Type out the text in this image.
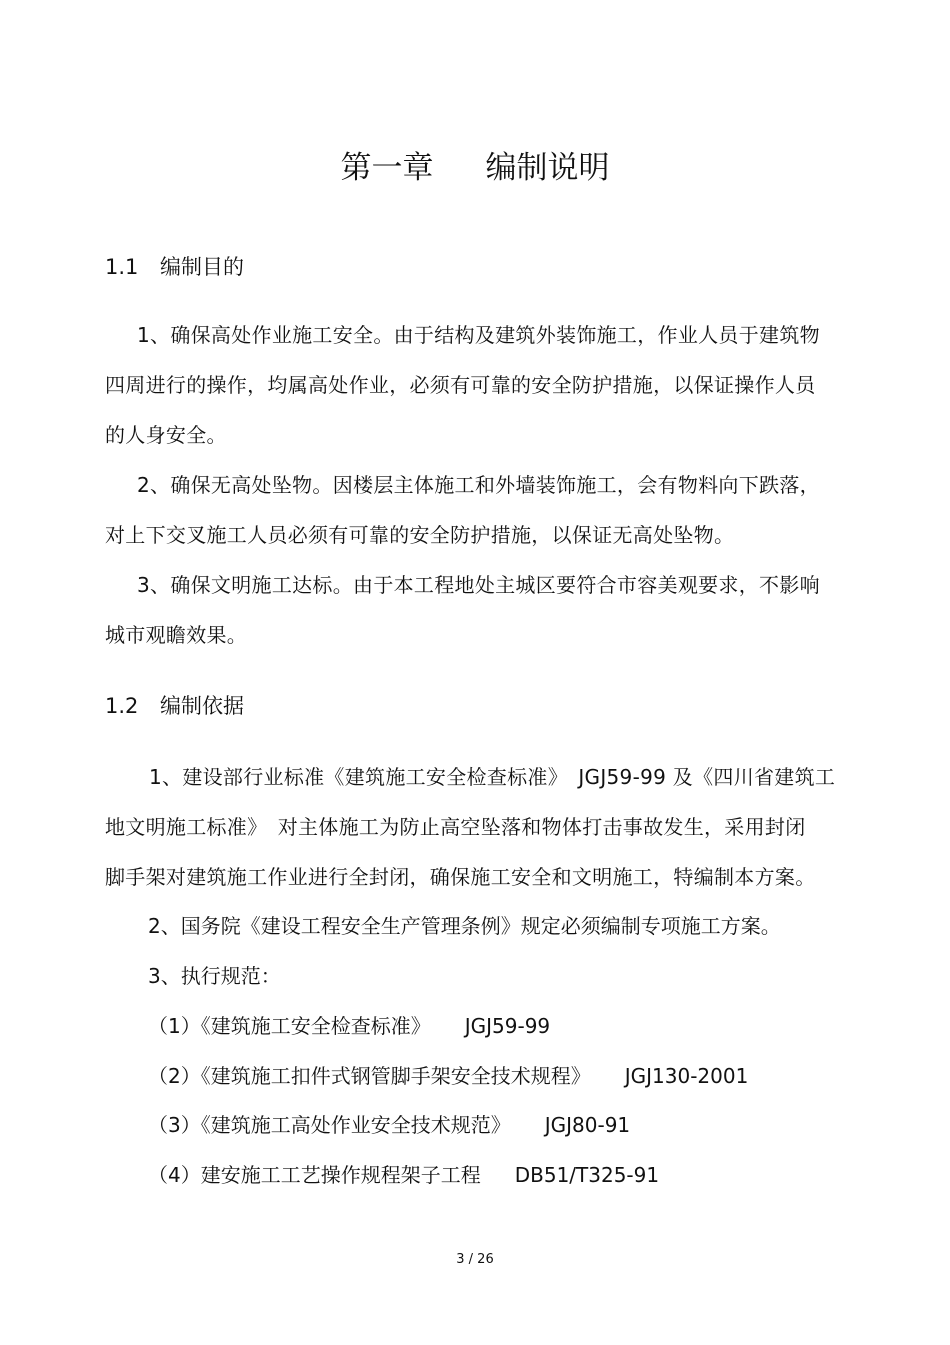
第一章 编制说明
1.1 编制目的
1、确保高处作业施工安全。由于结构及建筑外装饰施工，作业人员于建筑物
四周进行的操作，均属高处作业，必须有可靠的安全防护措施，以保证操作人员
的人身安全。
2、确保无高处坠物。因楼层主体施工和外墙装饰施工，会有物料向下跌落，
对上下交叉施工人员必须有可靠的安全防护措施，以保证无高处坠物。
3、确保文明施工达标。由于本工程地处主城区要符合市容美观要求，不影响
城市观瞻效果。
1.2 编制依据
1、建设部行业标准《建筑施工安全检查标准》　JGJ59-99 及《四川省建筑工
地文明施工标准》　对主体施工为防止高空坠落和物体打击事故发生，采用封闭
脚手架对建筑施工作业进行全封闭，确保施工安全和文明施工，特编制本方案。
2、国务院《建设工程安全生产管理条例》规定必须编制专项施工方案。
3、执行规范：
（1）《建筑施工安全检查标准》 JGJ59-99
（2）《建筑施工扣件式钢管脚手架安全技术规程》 JGJ130-2001
（3）《建筑施工高处作业安全技术规范》 JGJ80-91
（4）建安施工工艺操作规程架子工程 DB51/T325-91
3 / 26
